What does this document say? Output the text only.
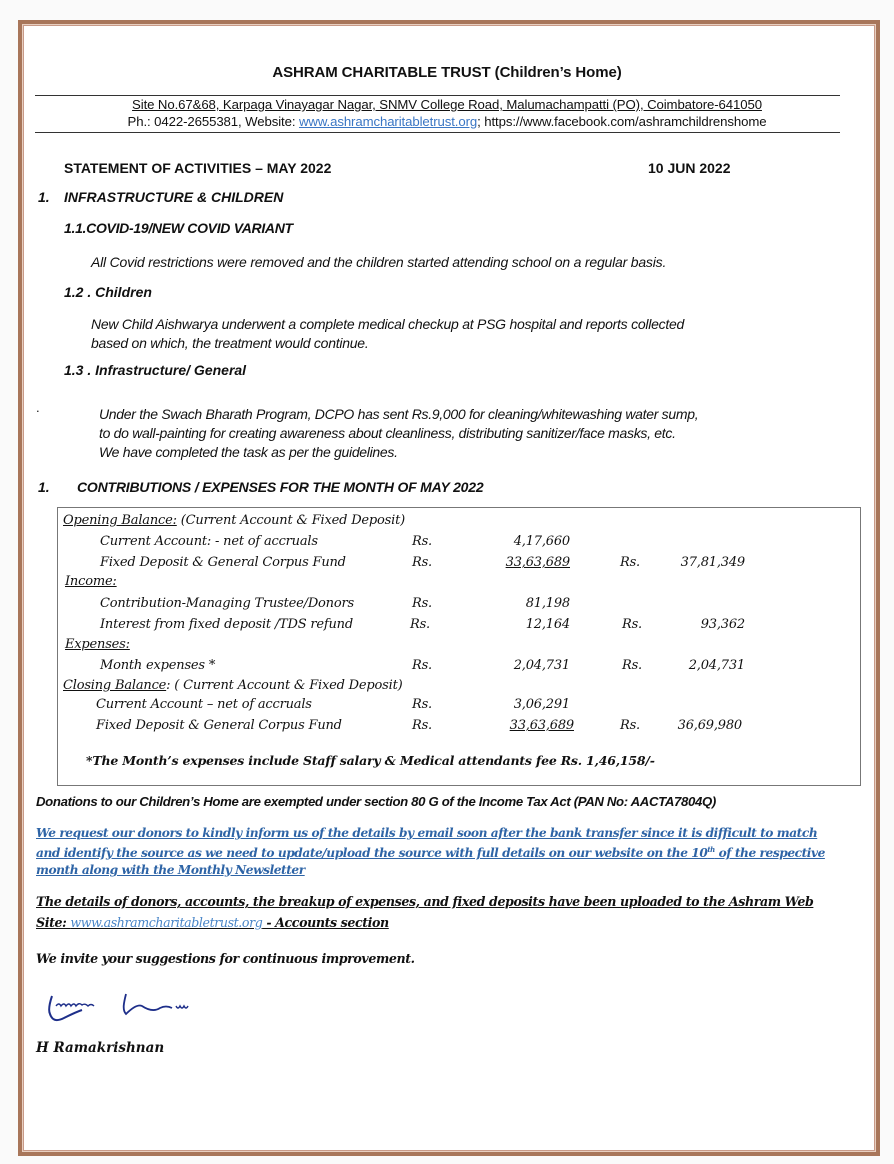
ASHRAM CHARITABLE TRUST (Children’s Home)
Site No.67&68, Karpaga Vinayagar Nagar, SNMV College Road, Malumachampatti (PO), Coimbatore-641050
Ph.: 0422-2655381, Website: www.ashramcharitabletrust.org; https://www.facebook.com/ashramchildrenshome
STATEMENT OF ACTIVITIES – MAY 2022	10 JUN 2022
1. INFRASTRUCTURE & CHILDREN
1.1.COVID-19/NEW COVID VARIANT
All Covid restrictions were removed and the children started attending school on a regular basis.
1.2 . Children
New Child Aishwarya underwent a complete medical checkup at PSG hospital and reports collected
based on which, the treatment would continue.
1.3 . Infrastructure/ General
.	Under the Swach Bharath Program, DCPO has sent Rs.9,000 for cleaning/whitewashing water sump,
to do wall-painting for creating awareness about cleanliness, distributing sanitizer/face masks, etc.
We have completed the task as per the guidelines.
1. CONTRIBUTIONS / EXPENSES FOR THE MONTH OF MAY 2022
Opening Balance: (Current Account & Fixed Deposit)
Current Account: - net of accruals	Rs.	4,17,660
Fixed Deposit & General Corpus Fund	Rs.	33,63,689	Rs.	37,81,349
Income:
Contribution-Managing Trustee/Donors	Rs.	81,198
Interest from fixed deposit /TDS refund	Rs.	12,164	Rs.	93,362
Expenses:
Month expenses *	Rs.	2,04,731	Rs.	2,04,731
Closing Balance: ( Current Account & Fixed Deposit)
Current Account – net of accruals	Rs.	3,06,291
Fixed Deposit & General Corpus Fund	Rs.	33,63,689	Rs.	36,69,980
*The Month’s expenses include Staff salary & Medical attendants fee Rs. 1,46,158/-
Donations to our Children’s Home are exempted under section 80 G of the Income Tax Act (PAN No: AACTA7804Q)
We request our donors to kindly inform us of the details by email soon after the bank transfer since it is difficult to match
and identify the source as we need to update/upload the source with full details on our website on the 10th of the respective
month along with the Monthly Newsletter
The details of donors, accounts, the breakup of expenses, and fixed deposits have been uploaded to the Ashram Web
Site: www.ashramcharitabletrust.org - Accounts section
We invite your suggestions for continuous improvement.
H Ramakrishnan
